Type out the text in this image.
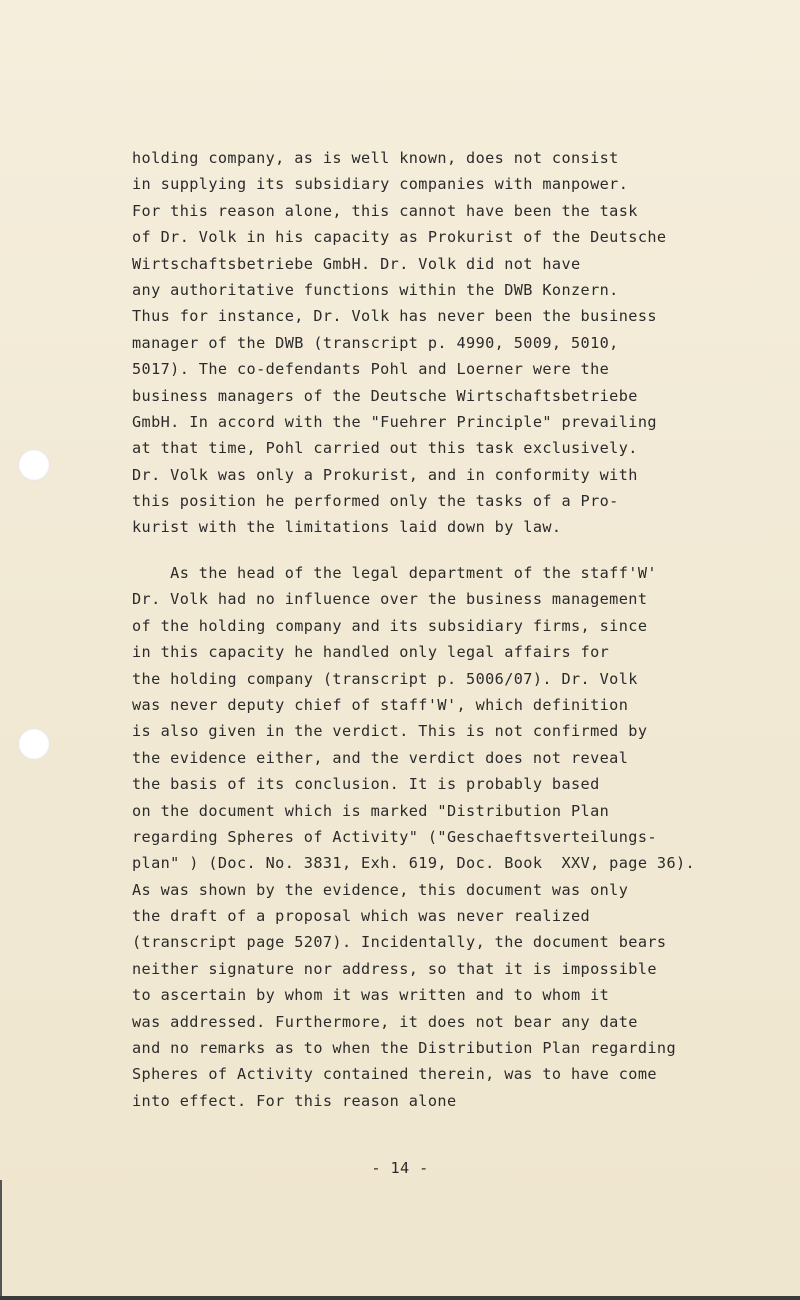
holding company, as is well known, does not consist
in supplying its subsidiary companies with manpower.
For this reason alone, this cannot have been the task
of Dr. Volk in his capacity as Prokurist of the Deutsche
Wirtschaftsbetriebe GmbH. Dr. Volk did not have
any authoritative functions within the DWB Konzern.
Thus for instance, Dr. Volk has never been the business
manager of the DWB (transcript p. 4990, 5009, 5010,
5017). The co-defendants Pohl and Loerner were the
business managers of the Deutsche Wirtschaftsbetriebe
GmbH. In accord with the "Fuehrer Principle" prevailing
at that time, Pohl carried out this task exclusively.
Dr. Volk was only a Prokurist, and in conformity with
this position he performed only the tasks of a Pro-
kurist with the limitations laid down by law.
As the head of the legal department of the staff'W'
Dr. Volk had no influence over the business management
of the holding company and its subsidiary firms, since
in this capacity he handled only legal affairs for
the holding company (transcript p. 5006/07). Dr. Volk
was never deputy chief of staff'W', which definition
is also given in the verdict. This is not confirmed by
the evidence either, and the verdict does not reveal
the basis of its conclusion. It is probably based
on the document which is marked "Distribution Plan
regarding Spheres of Activity" ("Geschaeftsverteilungs-
plan" ) (Doc. No. 3831, Exh. 619, Doc. Book  XXV, page 36).
As was shown by the evidence, this document was only
the draft of a proposal which was never realized
(transcript page 5207). Incidentally, the document bears
neither signature nor address, so that it is impossible
to ascertain by whom it was written and to whom it
was addressed. Furthermore, it does not bear any date
and no remarks as to when the Distribution Plan regarding
Spheres of Activity contained therein, was to have come
into effect. For this reason alone
- 14 -
